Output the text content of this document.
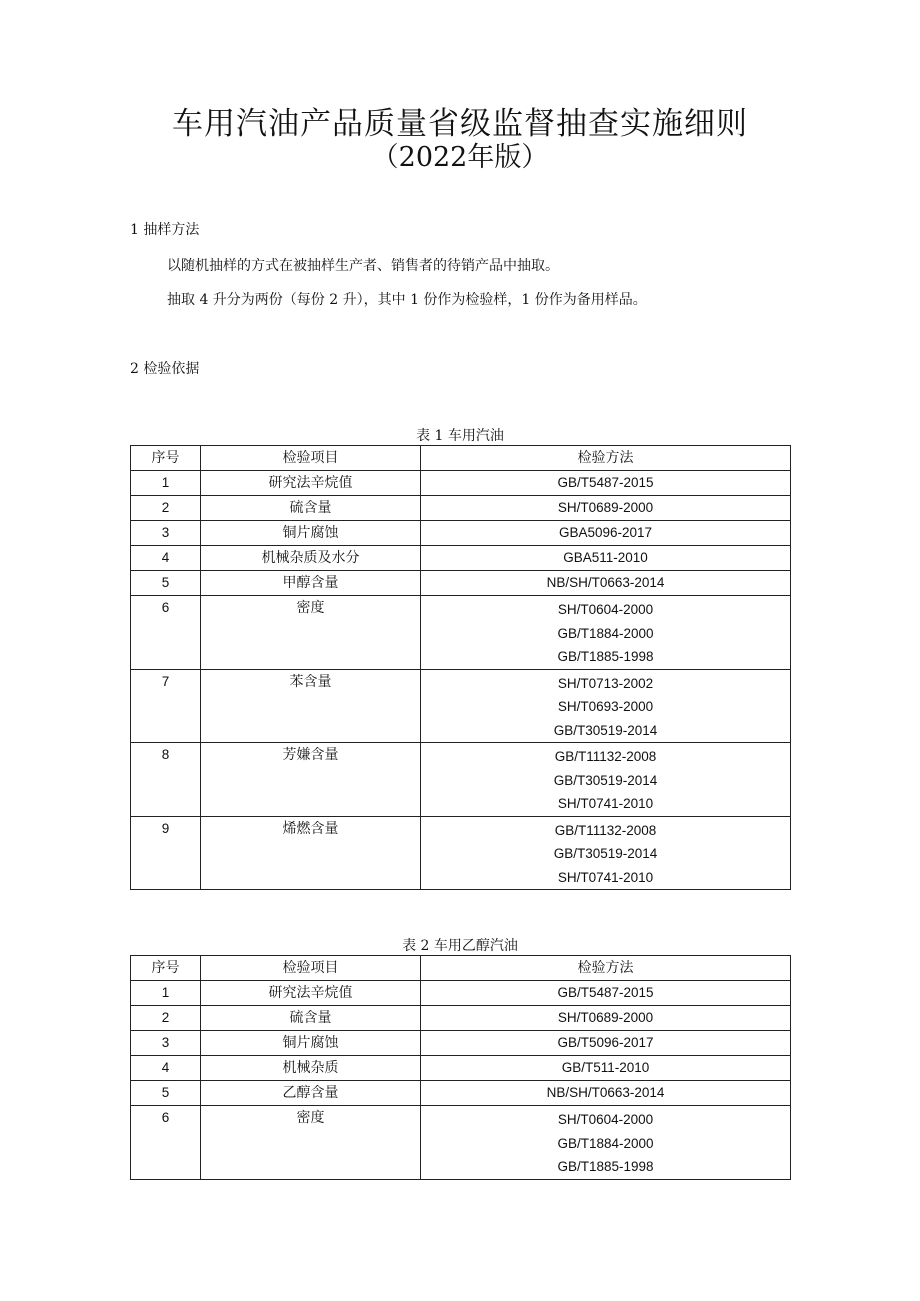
车用汽油产品质量省级监督抽查实施细则
（2022年版）
1 抽样方法
以随机抽样的方式在被抽样生产者、销售者的待销产品中抽取。
抽取 4 升分为两份（每份 2 升），其中 1 份作为检验样，1 份作为备用样品。
2 检验依据
表 1 车用汽油
序号	检验项目	检验方法
1	研究法辛烷值	GB/T5487-2015
2	硫含量	SH/T0689-2000
3	铜片腐蚀	GBA5096-2017
4	机械杂质及水分	GBA511-2010
5	甲醇含量	NB/SH/T0663-2014
6	密度	SH/T0604-2000
GB/T1884-2000
GB/T1885-1998

7	苯含量	SH/T0713-2002
SH/T0693-2000
GB/T30519-2014

8	芳嫌含量	GB/T11132-2008
GB/T30519-2014
SH/T0741-2010

9	烯燃含量	GB/T11132-2008
GB/T30519-2014
SH/T0741-2010
表 2 车用乙醇汽油
序号	检验项目	检验方法
1	研究法辛烷值	GB/T5487-2015
2	硫含量	SH/T0689-2000
3	铜片腐蚀	GB/T5096-2017
4	机械杂质	GB/T511-2010
5	乙醇含量	NB/SH/T0663-2014
6	密度	SH/T0604-2000
GB/T1884-2000
GB/T1885-1998
